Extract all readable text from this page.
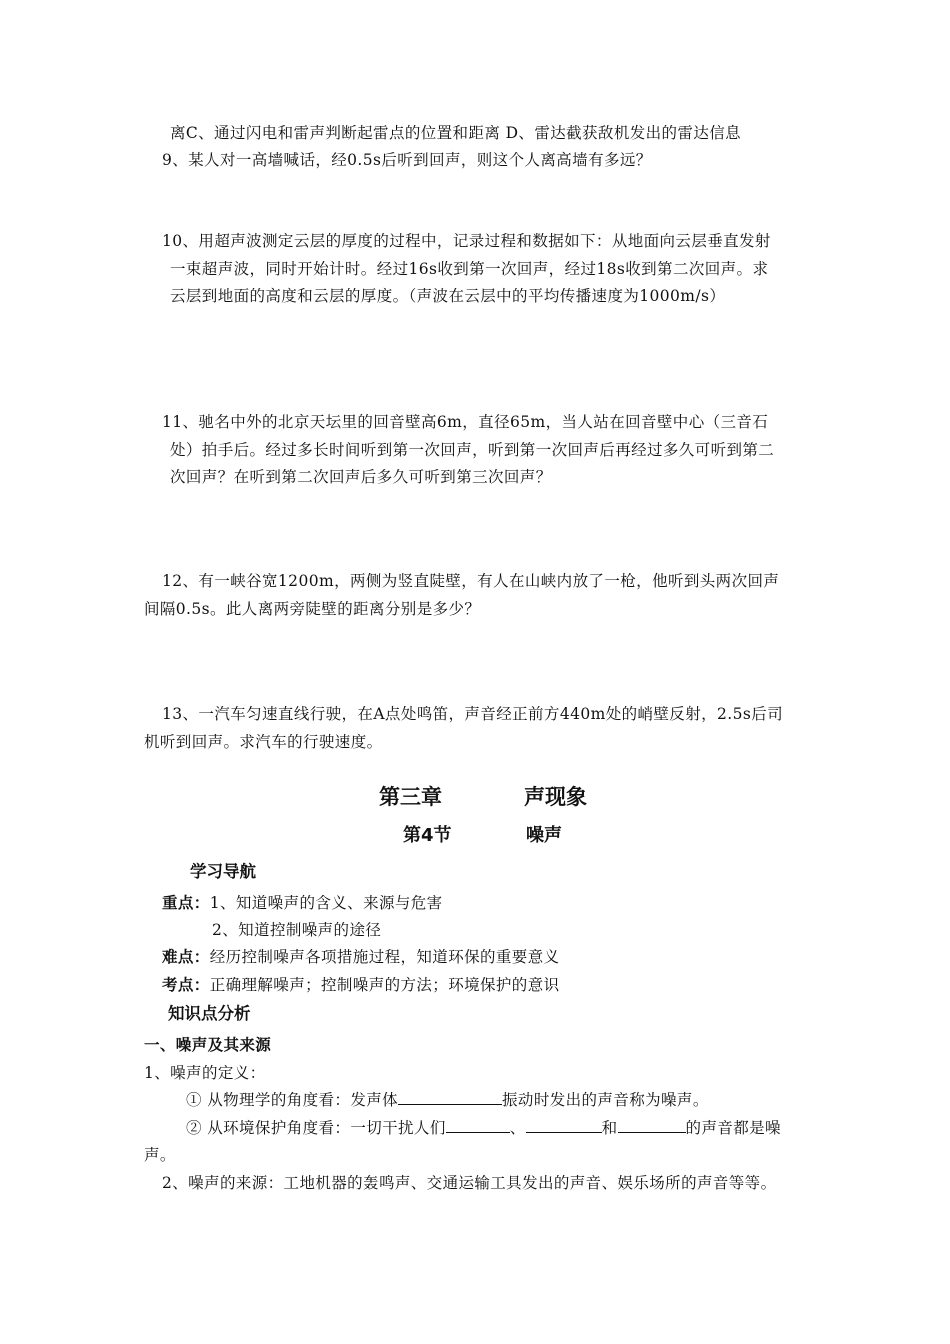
离C、通过闪电和雷声判断起雷点的位置和距离 D、雷达截获敌机发出的雷达信息
9、某人对一高墙喊话，经0.5s后听到回声，则这个人离高墙有多远？
10、用超声波测定云层的厚度的过程中，记录过程和数据如下：从地面向云层垂直发射
一束超声波，同时开始计时。经过16s收到第一次回声，经过18s收到第二次回声。求
云层到地面的高度和云层的厚度。（声波在云层中的平均传播速度为1000m/s）
11、驰名中外的北京天坛里的回音壁高6m，直径65m，当人站在回音壁中心（三音石
处）拍手后。经过多长时间听到第一次回声，听到第一次回声后再经过多久可听到第二
次回声？在听到第二次回声后多久可听到第三次回声？
12、有一峡谷宽1200m，两侧为竖直陡壁，有人在山峡内放了一枪，他听到头两次回声
间隔0.5s。此人离两旁陡壁的距离分别是多少？
13、一汽车匀速直线行驶，在A点处鸣笛，声音经正前方440m处的峭壁反射，2.5s后司
机听到回声。求汽车的行驶速度。
第三章	声现象
第4节	噪声
学习导航
重点：1、知道噪声的含义、来源与危害
2、知道控制噪声的途径
难点：经历控制噪声各项措施过程，知道环保的重要意义
考点：正确理解噪声；控制噪声的方法；环境保护的意识
知识点分析
一、噪声及其来源
1、噪声的定义：
① 从物理学的角度看：发声体	振动时发出的声音称为噪声。
② 从环境保护角度看：一切干扰人们	、	和	的声音都是噪
声。
2、噪声的来源：工地机器的轰鸣声、交通运输工具发出的声音、娱乐场所的声音等等。
